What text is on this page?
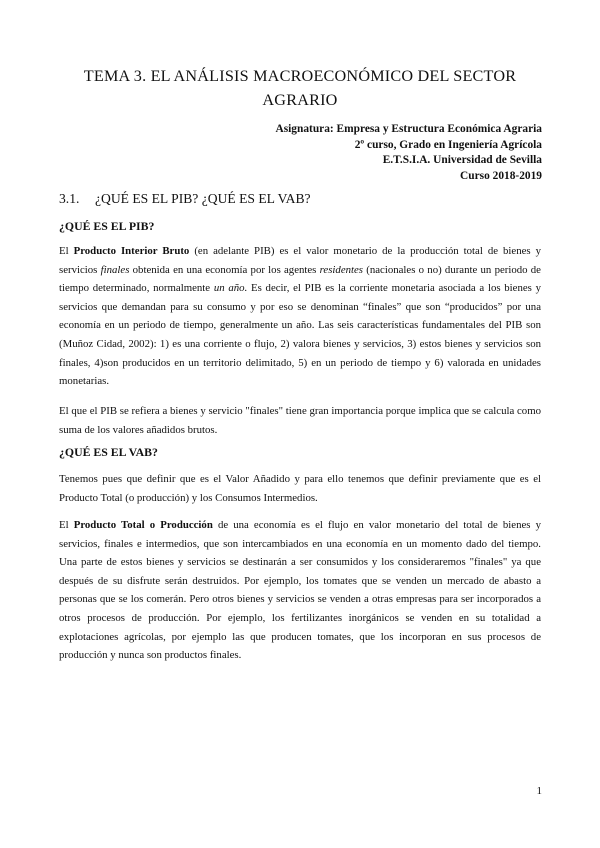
TEMA 3. EL ANÁLISIS MACROECONÓMICO DEL SECTOR
AGRARIO
Asignatura: Empresa y Estructura Económica Agraria
2º curso, Grado en Ingeniería Agrícola
E.T.S.I.A. Universidad de Sevilla
Curso 2018-2019
3.1. ¿QUÉ ES EL PIB? ¿QUÉ ES EL VAB?
¿QUÉ ES EL PIB?

El Producto Interior Bruto (en adelante PIB) es el valor monetario de la producción total de bienes y servicios finales obtenida en una economía por los agentes residentes (nacionales o no) durante un periodo de tiempo determinado, normalmente un año. Es decir, el PIB es la corriente monetaria asociada a los bienes y servicios que demandan para su consumo y por eso se denominan “finales” que son “producidos” por una economía en un periodo de tiempo, generalmente un año. Las seis características fundamentales del PIB son (Muñoz Cidad, 2002): 1) es una corriente o flujo, 2) valora bienes y servicios, 3) estos bienes y servicios son finales, 4)son producidos en un territorio delimitado, 5) en un periodo de tiempo y 6) valorada en unidades monetarias.

El que el PIB se refiera a bienes y servicio "finales" tiene gran importancia porque implica que se calcula como suma de los valores añadidos brutos.

¿QUÉ ES EL VAB?

Tenemos pues que definir que es el Valor Añadido y para ello tenemos que definir previamente que es el Producto Total (o producción) y los Consumos Intermedios.

El Producto Total o Producción de una economía es el flujo en valor monetario del total de bienes y servicios, finales e intermedios, que son intercambiados en una economía en un momento dado del tiempo. Una parte de estos bienes y servicios se destinarán a ser consumidos y los consideraremos "finales" ya que después de su disfrute serán destruidos. Por ejemplo, los tomates que se venden un mercado de abasto a personas que se los comerán. Pero otros bienes y servicios se venden a otras empresas para ser incorporados a otros procesos de producción. Por ejemplo, los fertilizantes inorgánicos se venden en su totalidad a explotaciones agrícolas, por ejemplo las que producen tomates, que los incorporan en sus procesos de producción y nunca son productos finales.

1
